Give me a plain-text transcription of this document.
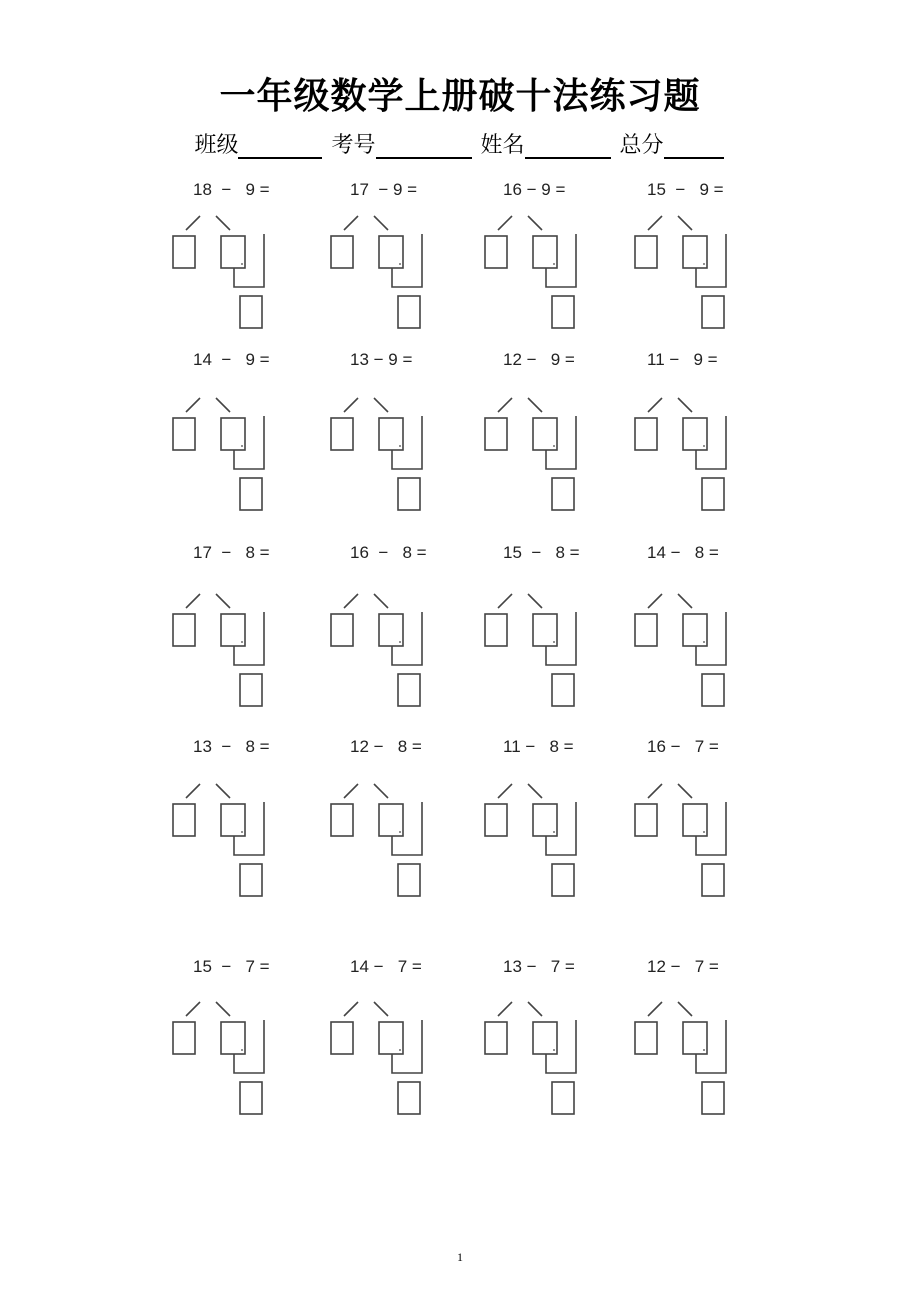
一年级数学上册破十法练习题
班级	考号	姓名	总分
18  −   9 =	17  − 9 =	16 − 9 =	15  −   9 =
14  −   9 =	13 − 9 =	12 −   9 =	11 −   9 =
17  −   8 =	16  −   8 =	15  −   8 =	14 −   8 =
13  −   8 =	12 −   8 =	11 −   8 =	16 −   7 =
15  −   7 =	14 −   7 =	13 −   7 =	12 −   7 =
1
